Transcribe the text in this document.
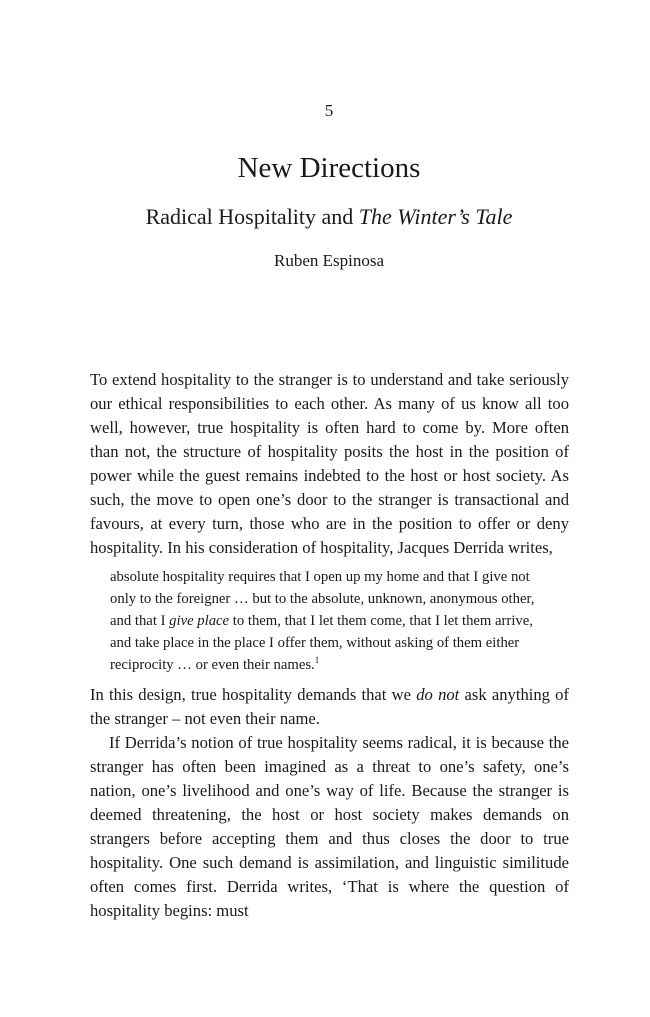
5
New Directions
Radical Hospitality and The Winter’s Tale
Ruben Espinosa

To extend hospitality to the stranger is to understand and take seriously our ethical responsibilities to each other. As many of us know all too well, however, true hospitality is often hard to come by. More often than not, the structure of hospitality posits the host in the position of power while the guest remains indebted to the host or host society. As such, the move to open one’s door to the stranger is transactional and favours, at every turn, those who are in the position to offer or deny hospitality. In his consideration of hospitality, Jacques Derrida writes,

absolute hospitality requires that I open up my home and that I give not only to the foreigner … but to the absolute, unknown, anonymous other, and that I give place to them, that I let them come, that I let them arrive, and take place in the place I offer them, without asking of them either reciprocity … or even their names.$^1$

In this design, true hospitality demands that we do not ask anything of the stranger – not even their name.

If Derrida’s notion of true hospitality seems radical, it is because the stranger has often been imagined as a threat to one’s safety, one’s nation, one’s livelihood and one’s way of life. Because the stranger is deemed threatening, the host or host society makes demands on strangers before accepting them and thus closes the door to true hospitality. One such demand is assimilation, and linguistic similitude often comes first. Derrida writes, ‘That is where the question of hospitality begins: must
